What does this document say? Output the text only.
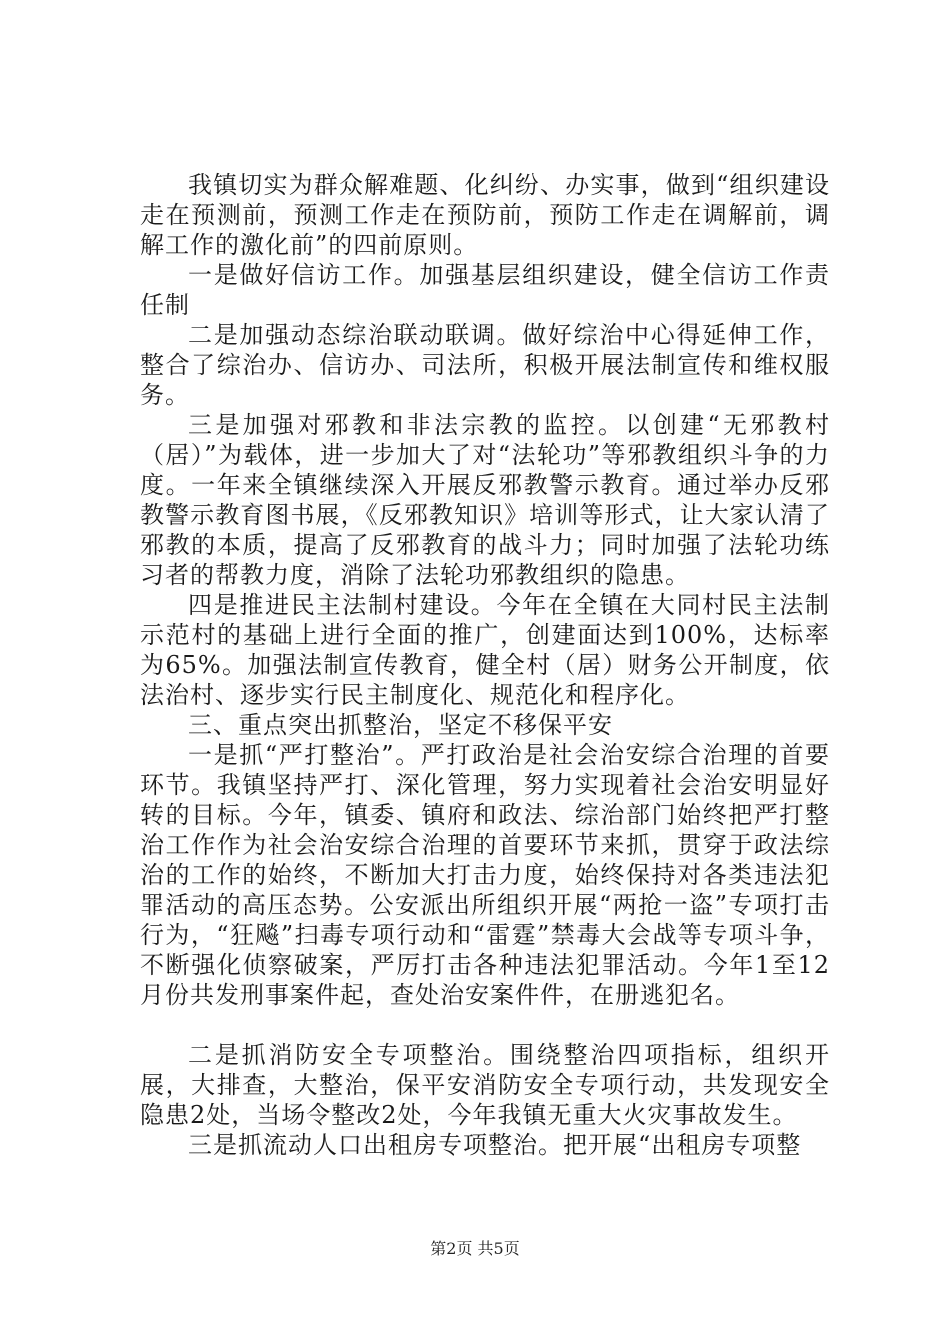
我镇切实为群众解难题、化纠纷、办实事，做到“组织建设走在预测前，预测工作走在预防前，预防工作走在调解前，调解工作的激化前”的四前原则。

一是做好信访工作。加强基层组织建设，健全信访工作责任制

二是加强动态综治联动联调。做好综治中心得延伸工作，整合了综治办、信访办、司法所，积极开展法制宣传和维权服务。

三是加强对邪教和非法宗教的监控。以创建“无邪教村（居）”为载体，进一步加大了对“法轮功”等邪教组织斗争的力度。一年来全镇继续深入开展反邪教警示教育。通过举办反邪教警示教育图书展，《反邪教知识》培训等形式，让大家认清了邪教的本质，提高了反邪教育的战斗力；同时加强了法轮功练习者的帮教力度，消除了法轮功邪教组织的隐患。

四是推进民主法制村建设。今年在全镇在大同村民主法制示范村的基础上进行全面的推广，创建面达到100%，达标率为65%。加强法制宣传教育，健全村（居）财务公开制度，依法治村、逐步实行民主制度化、规范化和程序化。

三、重点突出抓整治，坚定不移保平安

一是抓“严打整治”。严打政治是社会治安综合治理的首要环节。我镇坚持严打、深化管理，努力实现着社会治安明显好转的目标。今年，镇委、镇府和政法、综治部门始终把严打整治工作作为社会治安综合治理的首要环节来抓，贯穿于政法综治的工作的始终，不断加大打击力度，始终保持对各类违法犯罪活动的高压态势。公安派出所组织开展“两抢一盗”专项打击行为，“狂飚”扫毒专项行动和“雷霆”禁毒大会战等专项斗争，不断强化侦察破案，严厉打击各种违法犯罪活动。今年1至12月份共发刑事案件起，查处治安案件件，在册逃犯名。

二是抓消防安全专项整治。围绕整治四项指标，组织开展，大排查，大整治，保平安消防安全专项行动，共发现安全隐患2处，当场令整改2处，今年我镇无重大火灾事故发生。

三是抓流动人口出租房专项整治。把开展“出租房专项整

第2页 共5页
